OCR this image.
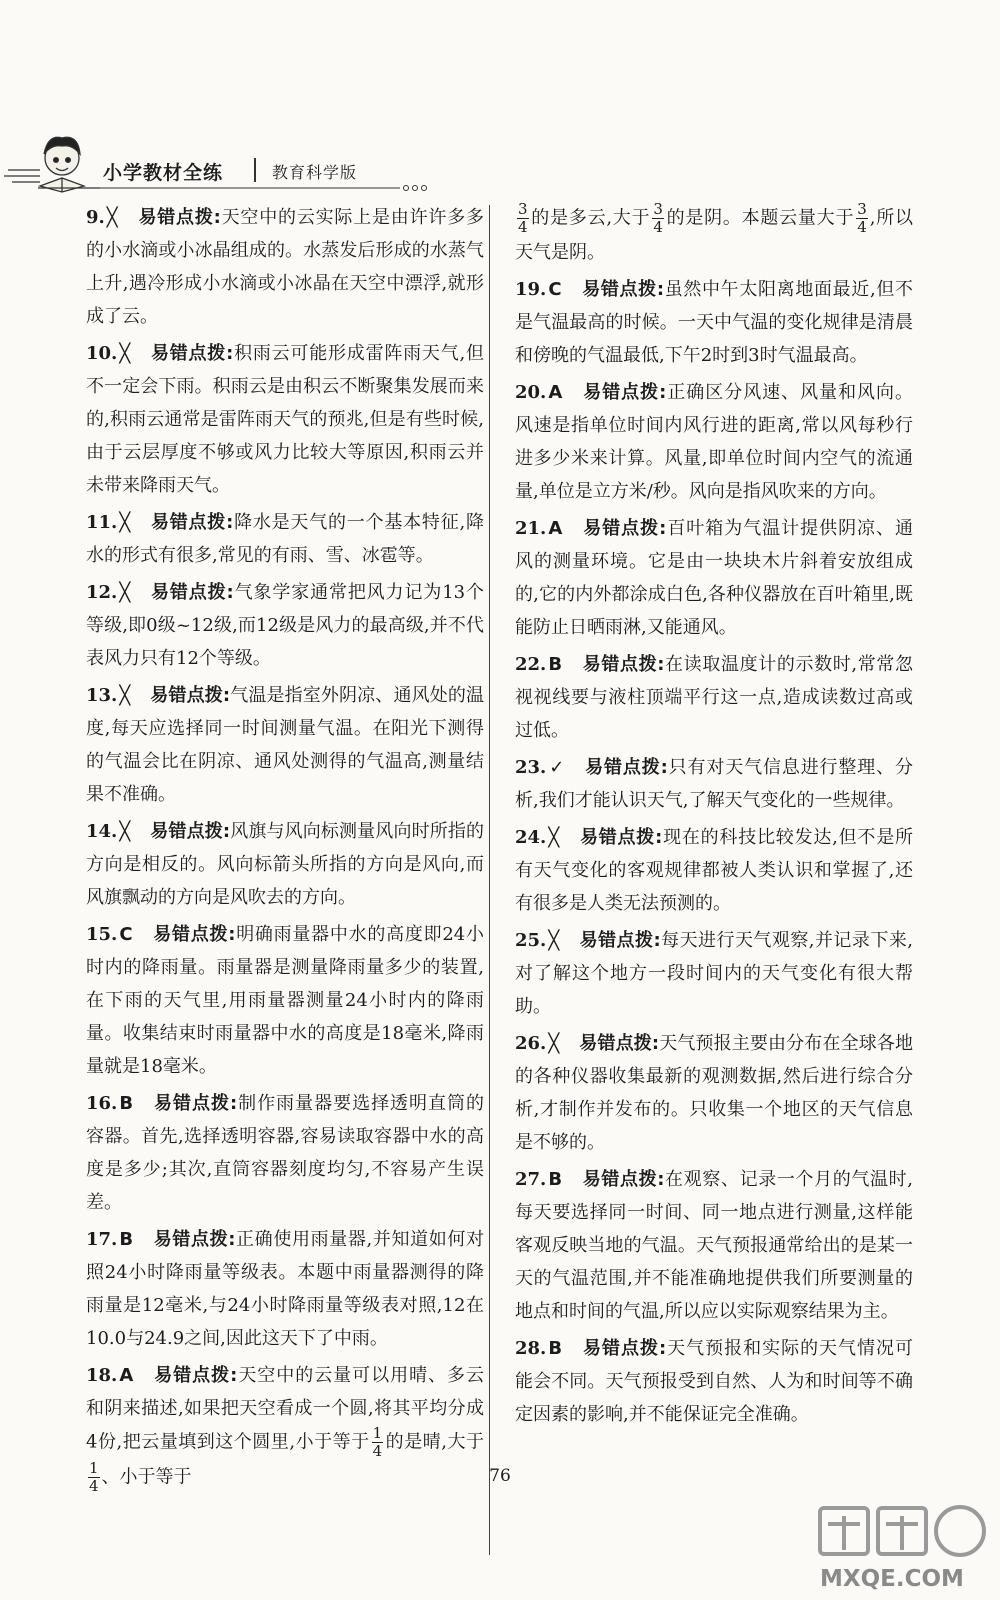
小学教材全练	教育科学版
9. ╳ 易错点拨:天空中的云实际上是由许许多多的小水滴或小冰晶组成的。水蒸发后形成的水蒸气上升,遇冷形成小水滴或小冰晶在天空中漂浮,就形成了云。
10. ╳ 易错点拨:积雨云可能形成雷阵雨天气,但不一定会下雨。积雨云是由积云不断聚集发展而来的,积雨云通常是雷阵雨天气的预兆,但是有些时候,由于云层厚度不够或风力比较大等原因,积雨云并未带来降雨天气。
11. ╳ 易错点拨:降水是天气的一个基本特征,降水的形式有很多,常见的有雨、雪、冰雹等。
12. ╳ 易错点拨:气象学家通常把风力记为13个等级,即0级~12级,而12级是风力的最高级,并不代表风力只有12个等级。
13. ╳ 易错点拨:气温是指室外阴凉、通风处的温度,每天应选择同一时间测量气温。在阳光下测得的气温会比在阴凉、通风处测得的气温高,测量结果不准确。
14. ╳ 易错点拨:风旗与风向标测量风向时所指的方向是相反的。风向标箭头所指的方向是风向,而风旗飘动的方向是风吹去的方向。
15. C 易错点拨:明确雨量器中水的高度即24小时内的降雨量。雨量器是测量降雨量多少的装置,在下雨的天气里,用雨量器测量24小时内的降雨量。收集结束时雨量器中水的高度是18毫米,降雨量就是18毫米。
16. B 易错点拨:制作雨量器要选择透明直筒的容器。首先,选择透明容器,容易读取容器中水的高度是多少;其次,直筒容器刻度均匀,不容易产生误差。
17. B 易错点拨:正确使用雨量器,并知道如何对照24小时降雨量等级表。本题中雨量器测得的降雨量是12毫米,与24小时降雨量等级表对照,12在10.0与24.9之间,因此这天下了中雨。
18. A 易错点拨:天空中的云量可以用晴、多云和阴来描述,如果把天空看成一个圆,将其平均分成4份,把云量填到这个圆里,小于等于 $\frac{1}{4}$ 的是晴,大于
$\frac{1}{4}$ 、小于等于
$\frac{3}{4}$ 的是多云,大于 $\frac{3}{4}$ 的是阴。本题云量大于 $\frac{3}{4}$ ,所以天气是阴。
19. C 易错点拨:虽然中午太阳离地面最近,但不是气温最高的时候。一天中气温的变化规律是清晨和傍晚的气温最低,下午2时到3时气温最高。
20. A 易错点拨:正确区分风速、风量和风向。风速是指单位时间内风行进的距离,常以风每秒行进多少米来计算。风量,即单位时间内空气的流通量,单位是立方米/秒。风向是指风吹来的方向。
21. A 易错点拨:百叶箱为气温计提供阴凉、通风的测量环境。它是由一块块木片斜着安放组成的,它的内外都涂成白色,各种仪器放在百叶箱里,既能防止日晒雨淋,又能通风。
22. B 易错点拨:在读取温度计的示数时,常常忽视视线要与液柱顶端平行这一点,造成读数过高或过低。
23. ✓ 易错点拨:只有对天气信息进行整理、分析,我们才能认识天气,了解天气变化的一些规律。
24. ╳ 易错点拨:现在的科技比较发达,但不是所有天气变化的客观规律都被人类认识和掌握了,还有很多是人类无法预测的。
25. ╳ 易错点拨:每天进行天气观察,并记录下来,对了解这个地方一段时间内的天气变化有很大帮助。
26. ╳ 易错点拨:天气预报主要由分布在全球各地的各种仪器收集最新的观测数据,然后进行综合分析,才制作并发布的。只收集一个地区的天气信息是不够的。
27. B 易错点拨:在观察、记录一个月的气温时,每天要选择同一时间、同一地点进行测量,这样能客观反映当地的气温。天气预报通常给出的是某一天的气温范围,并不能准确地提供我们所要测量的地点和时间的气温,所以应以实际观察结果为主。
28. B 易错点拨:天气预报和实际的天气情况可能会不同。天气预报受到自然、人为和时间等不确定因素的影响,并不能保证完全准确。
76
MXQE.COM
